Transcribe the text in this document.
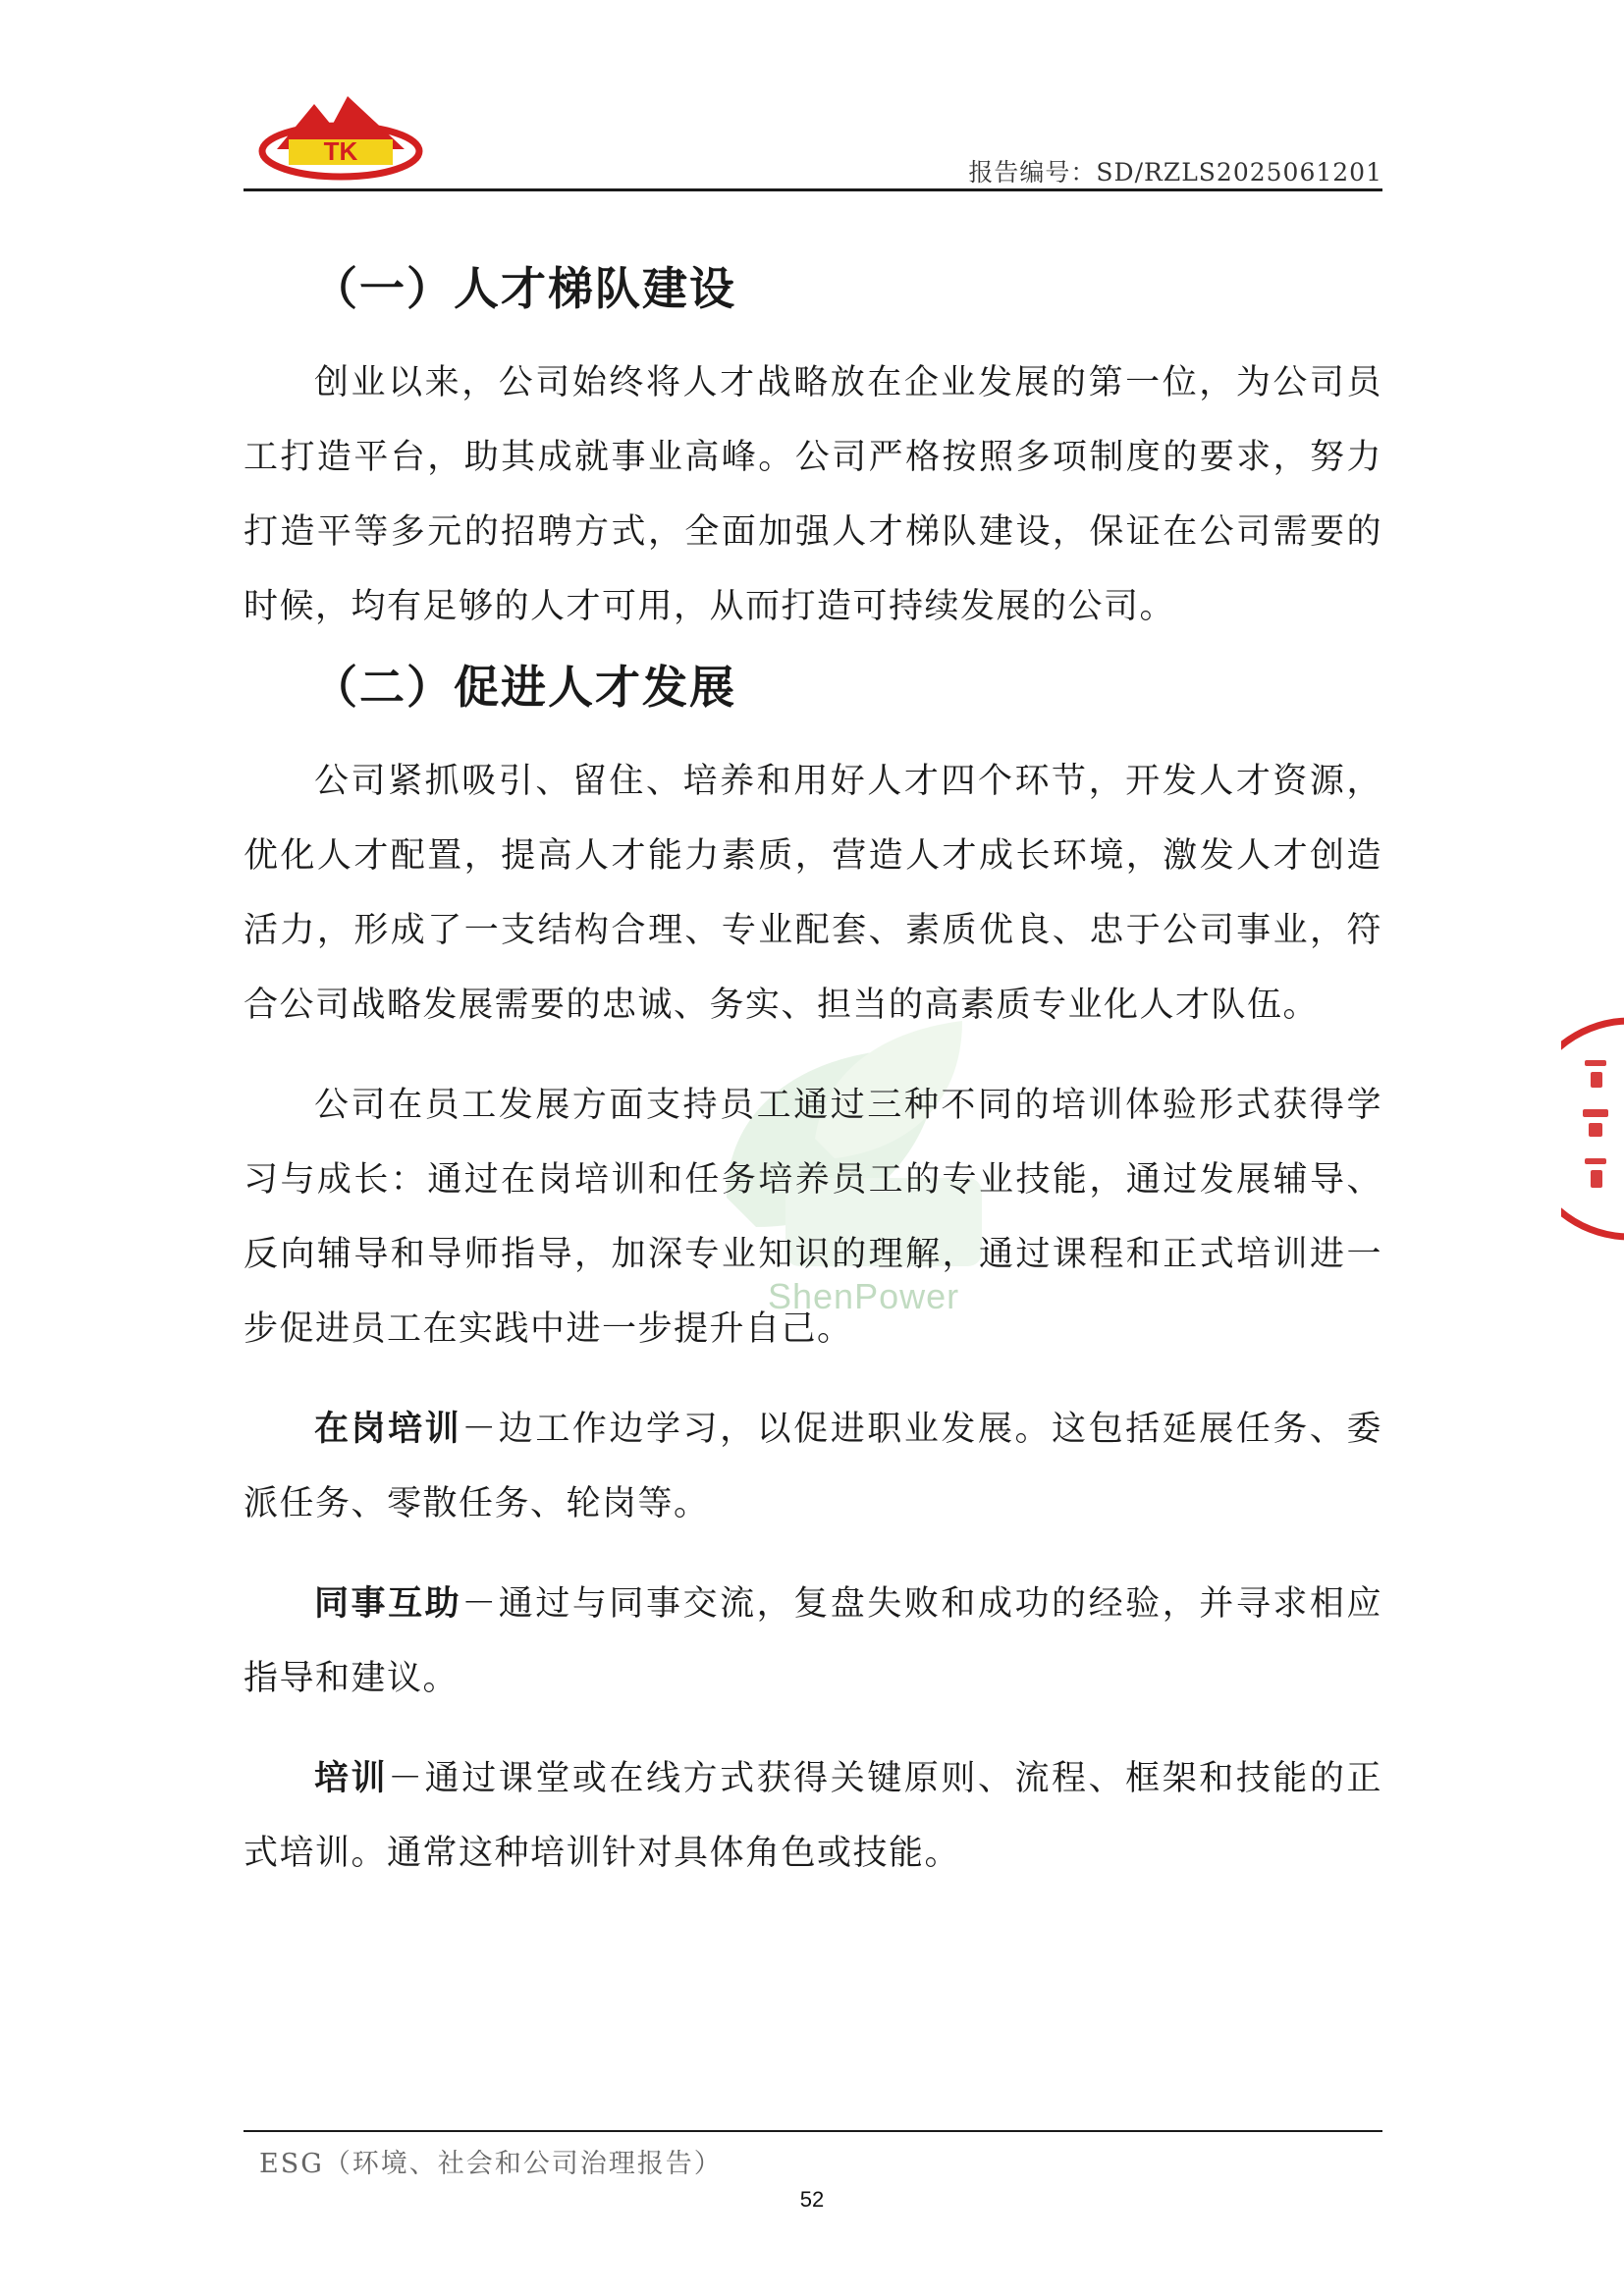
TK
报告编号：SD/RZLS2025061201
ShenPower
（一）人才梯队建设

创业以来，公司始终将人才战略放在企业发展的第一位，为公司员工打造平台，助其成就事业高峰。公司严格按照多项制度的要求，努力打造平等多元的招聘方式，全面加强人才梯队建设，保证在公司需要的时候，均有足够的人才可用，从而打造可持续发展的公司。

（二）促进人才发展

公司紧抓吸引、留住、培养和用好人才四个环节，开发人才资源，优化人才配置，提高人才能力素质，营造人才成长环境，激发人才创造活力，形成了一支结构合理、专业配套、素质优良、忠于公司事业，符合公司战略发展需要的忠诚、务实、担当的高素质专业化人才队伍。

公司在员工发展方面支持员工通过三种不同的培训体验形式获得学习与成长：通过在岗培训和任务培养员工的专业技能，通过发展辅导、反向辅导和导师指导，加深专业知识的理解，通过课程和正式培训进一步促进员工在实践中进一步提升自己。

在岗培训－边工作边学习，以促进职业发展。这包括延展任务、委派任务、零散任务、轮岗等。

同事互助－通过与同事交流，复盘失败和成功的经验，并寻求相应指导和建议。

培训－通过课堂或在线方式获得关键原则、流程、框架和技能的正式培训。通常这种培训针对具体角色或技能。

ESG（环境、社会和公司治理报告）
52
